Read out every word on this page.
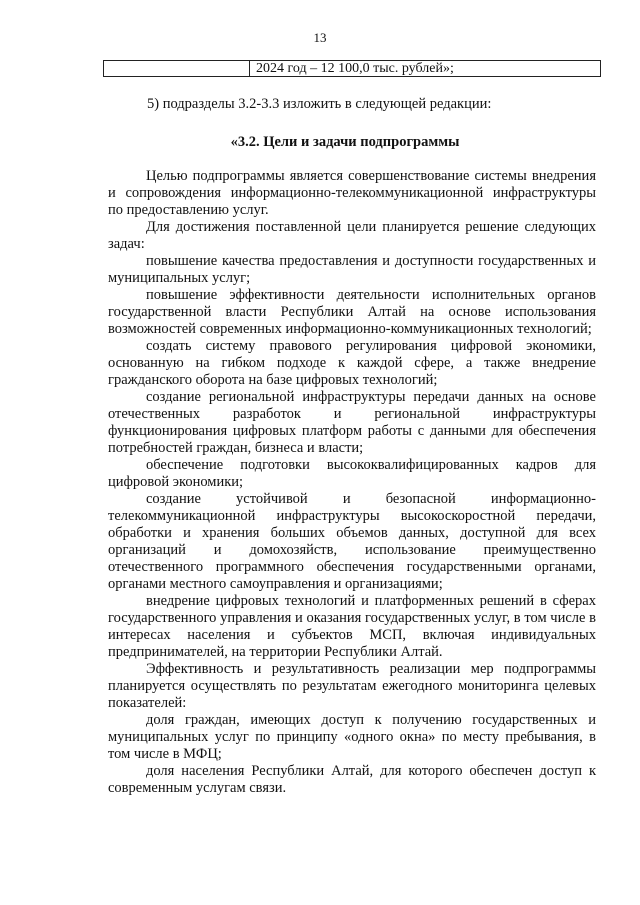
13
2024 год – 12 100,0 тыс. рублей»;
5) подразделы 3.2-3.3 изложить в следующей редакции:
«3.2. Цели и задачи подпрограммы

Целью подпрограммы является совершенствование системы внедрения и сопровождения информационно-телекоммуникационной инфраструктуры по предоставлению услуг.

Для достижения поставленной цели планируется решение следующих задач:

повышение качества предоставления и доступности государственных и муниципальных услуг;

повышение эффективности деятельности исполнительных органов государственной власти Республики Алтай на основе использования возможностей современных информационно-коммуникационных технологий;

создать систему правового регулирования цифровой экономики, основанную на гибком подходе к каждой сфере, а также внедрение гражданского оборота на базе цифровых технологий;

создание региональной инфраструктуры передачи данных на основе отечественных разработок и региональной инфраструктуры функционирования цифровых платформ работы с данными для обеспечения потребностей граждан, бизнеса и власти;

обеспечение подготовки высококвалифицированных кадров для цифровой экономики;

создание устойчивой и безопасной информационно-телекоммуникационной инфраструктуры высокоскоростной передачи, обработки и хранения больших объемов данных, доступной для всех организаций и домохозяйств, использование преимущественно отечественного программного обеспечения государственными органами, органами местного самоуправления и организациями;

внедрение цифровых технологий и платформенных решений в сферах государственного управления и оказания государственных услуг, в том числе в интересах населения и субъектов МСП, включая индивидуальных предпринимателей, на территории Республики Алтай.

Эффективность и результативность реализации мер подпрограммы планируется осуществлять по результатам ежегодного мониторинга целевых показателей:

доля граждан, имеющих доступ к получению государственных и муниципальных услуг по принципу «одного окна» по месту пребывания, в том числе в МФЦ;

доля населения Республики Алтай, для которого обеспечен доступ к современным услугам связи.
